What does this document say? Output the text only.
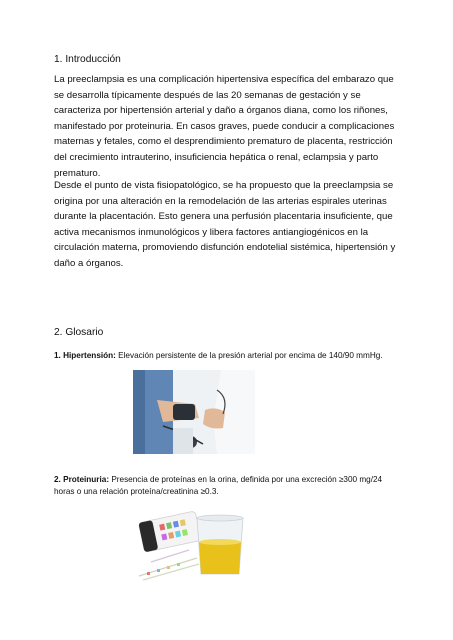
1. Introducción

La preeclampsia es una complicación hipertensiva específica del embarazo que se desarrolla típicamente después de las 20 semanas de gestación y se caracteriza por hipertensión arterial y daño a órganos diana, como los riñones, manifestado por proteinuria. En casos graves, puede conducir a complicaciones maternas y fetales, como el desprendimiento prematuro de placenta, restricción del crecimiento intrauterino, insuficiencia hepática o renal, eclampsia y parto prematuro.

Desde el punto de vista fisiopatológico, se ha propuesto que la preeclampsia se origina por una alteración en la remodelación de las arterias espirales uterinas durante la placentación. Esto genera una perfusión placentaria insuficiente, que activa mecanismos inmunológicos y libera factores antiangiogénicos en la circulación materna, promoviendo disfunción endotelial sistémica, hipertensión y daño a órganos.

2. Glosario

1. Hipertensión: Elevación persistente de la presión arterial por encima de 140/90 mmHg.

2. Proteinuria: Presencia de proteínas en la orina, definida por una excreción ≥300 mg/24 horas o una relación proteína/creatinina ≥0.3.
